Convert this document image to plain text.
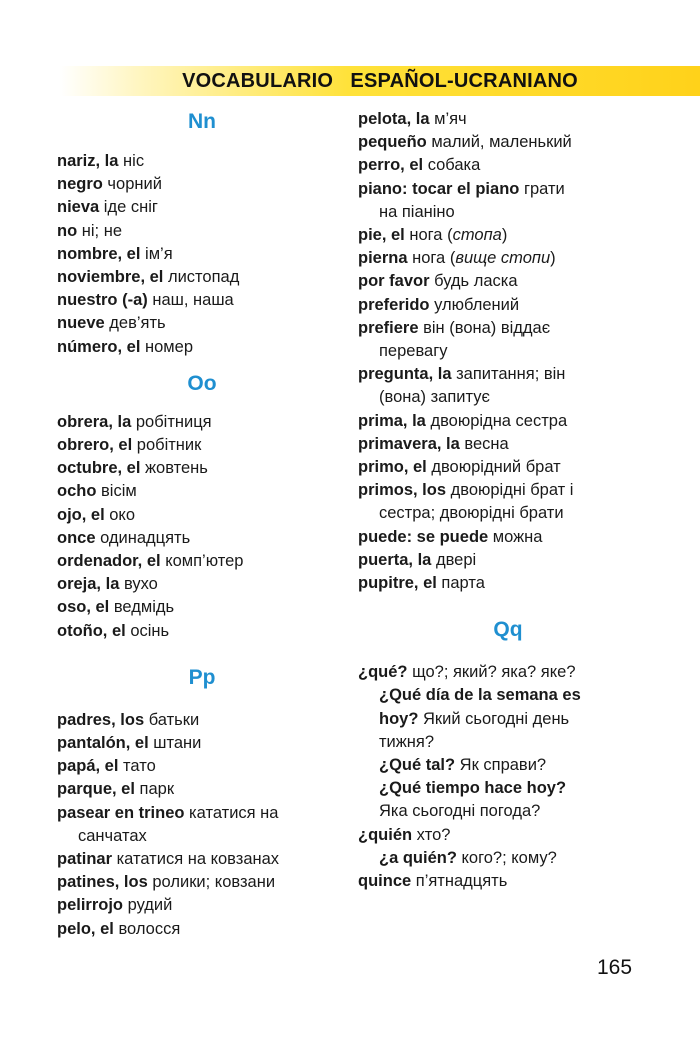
VOCABULARIO   ESPAÑOL-UCRANIANO
Nn
nariz, la ніс
negro чорний
nieva іде сніг
no ні; не
nombre, el ім’я
noviembre, el листопад
nuestro (-a) наш, наша
nueve дев’ять
número, el номер
Oo
obrera, la робітниця
obrero, el робітник
octubre, el жовтень
ocho вісім
ojo, el око
once одинадцять
ordenador, el комп’ютер
oreja, la вухо
oso, el ведмідь
otoño, el осінь
Pp
padres, los батьки
pantalón, el штани
papá, el тато
parque, el парк
pasear en trineo кататися на
санчатах
patinar кататися на ковзанах
patines, los ролики; ковзани
pelirrojo рудий
pelo, el волосся
pelota, la м’яч
pequeño малий, маленький
perro, el собака
piano: tocar el piano грати
на піаніно
pie, el нога (стопа)
pierna нога (вище стопи)
por favor будь ласка
preferido улюблений
prefiere він (вона) віддає
перевагу
pregunta, la запитання; він
(вона) запитує
prima, la двоюрідна сестра
primavera, la весна
primo, el двоюрідний брат
primos, los двоюрідні брат і
сестра; двоюрідні брати
puede: se puede можна
puerta, la двері
pupitre, el парта
Qq
¿qué? що?; який? яка? яке?
¿Qué día de la semana es
hoy? Який сьогодні день
тижня?
¿Qué tal? Як справи?
¿Qué tiempo hace hoy?
Яка сьогодні погода?
¿quién хто?
¿a quién? кого?; кому?
quince п’ятнадцять
165
